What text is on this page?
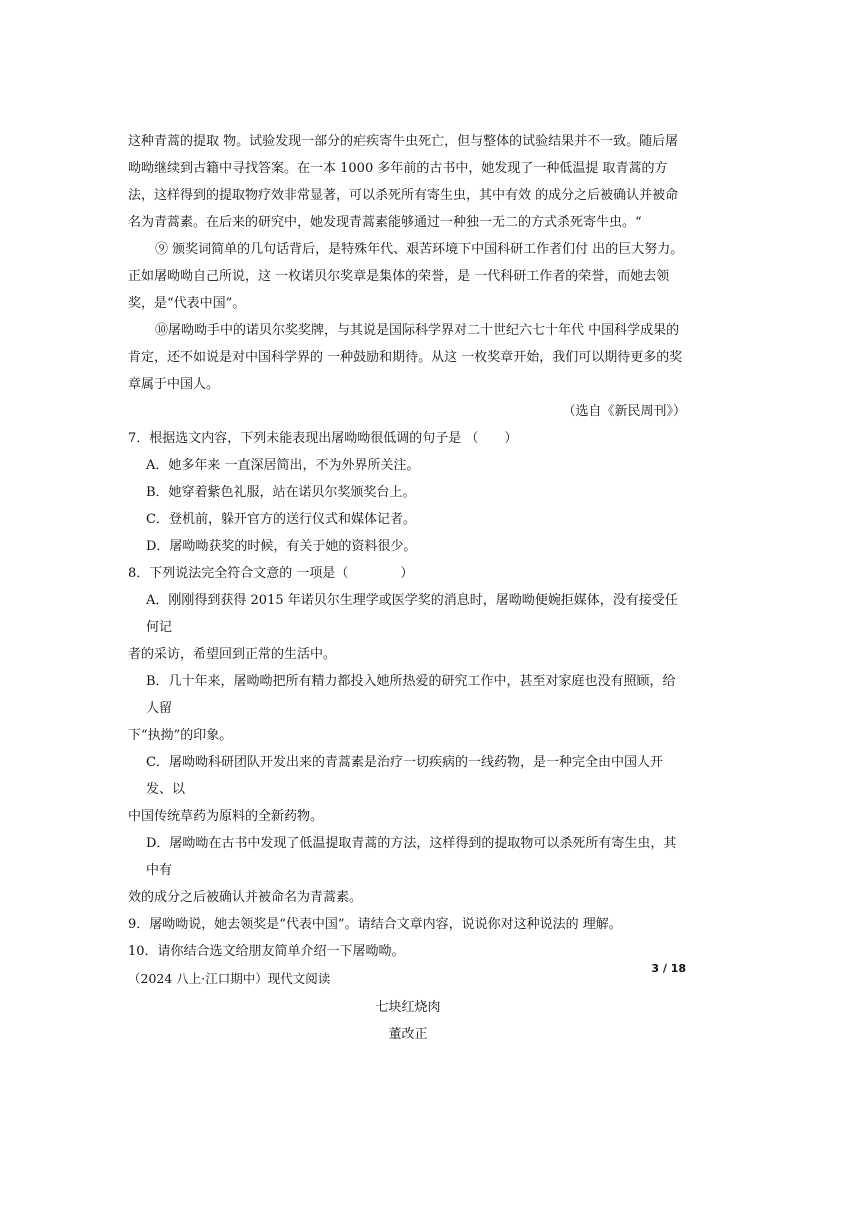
这种青蒿的提取 物。试验发现一部分的疟疾寄牛虫死亡，但与整体的试验结果并不一致。随后屠　呦呦继续到古籍中寻找答案。在一本 1000 多年前的古书中，她发现了一种低温提 取青蒿的方法，这样得到的提取物疗效非常显著，可以杀死所有寄生虫，其中有效 的成分之后被确认并被命名为青蒿素。在后来的研究中，她发现青蒿素能够通过一种独一无二的方式杀死寄牛虫。“

⑨ 颁奖词简单的几句话背后，是特殊年代、艰苦环境下中国科研工作者们付 出的巨大努力。正如屠呦呦自己所说，这 一枚诺贝尔奖章是集体的荣誉，是 一代科研工作者的荣誉，而她去领奖，是“代表中国”。

⑩屠呦呦手中的诺贝尔奖奖牌，与其说是国际科学界对二十世纪六七十年代 中国科学成果的肯定，还不如说是对中国科学界的 一种鼓励和期待。从这 一枚奖章开始，我们可以期待更多的奖章属于中国人。

（选自《新民周刊》）

7．根据选文内容，下列未能表现出屠呦呦很低调的句子是 （　　）

A．她多年来 一直深居简出，不为外界所关注。

B．她穿着紫色礼服，站在诺贝尔奖颁奖台上。

C．登机前，躲开官方的送行仪式和媒体记者。

D．屠呦呦获奖的时候，有关于她的资料很少。

8．下列说法完全符合文意的 一项是（　　　　）

A．刚刚得到获得 2015 年诺贝尔生理学或医学奖的消息时，屠呦呦便婉拒媒体，没有接受任何记

者的采访，希望回到正常的生活中。

B．几十年来，屠呦呦把所有精力都投入她所热爱的研究工作中，甚至对家庭也没有照顾，给人留

下“执拗”的印象。

C．屠呦呦科研团队开发出来的青蒿素是治疗一切疾病的一线药物，是一种完全由中国人开发、以

中国传统草药为原料的全新药物。

D．屠呦呦在古书中发现了低温提取青蒿的方法，这样得到的提取物可以杀死所有寄生虫，其中有

效的成分之后被确认并被命名为青蒿素。

9．屠呦呦说，她去领奖是“代表中国”。请结合文章内容，说说你对这种说法的 理解。

10．请你结合选文给朋友简单介绍一下屠呦呦。

（2024 八上·江口期中）现代文阅读

七块红烧肉

董改正

3 / 18
